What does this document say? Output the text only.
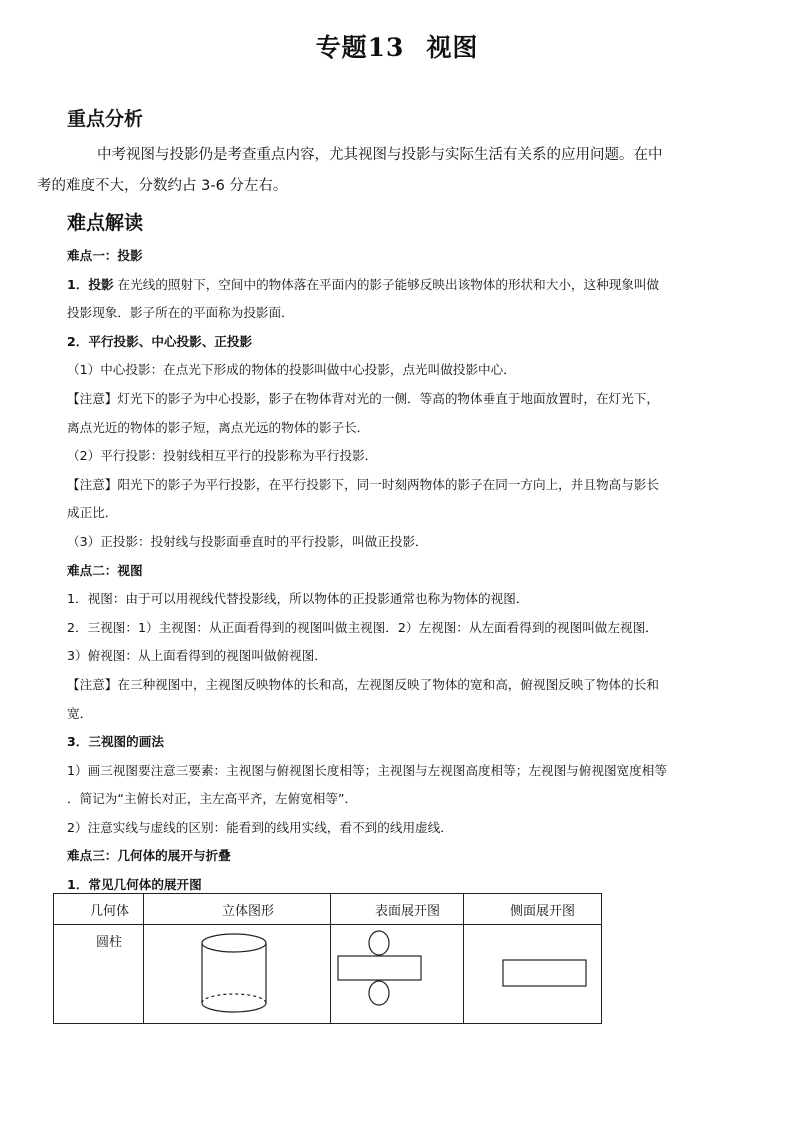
专题13 视图
重点分析
中考视图与投影仍是考查重点内容，尤其视图与投影与实际生活有关系的应用问题。在中
考的难度不大，分数约占 3-6 分左右。
难点解读
难点一：投影
1．投影 在光线的照射下，空间中的物体落在平面内的影子能够反映出该物体的形状和大小，这种现象叫做
投影现象．影子所在的平面称为投影面．
2．平行投影、中心投影、正投影
（1）中心投影：在点光下形成的物体的投影叫做中心投影，点光叫做投影中心．
【注意】灯光下的影子为中心投影，影子在物体背对光的一侧．等高的物体垂直于地面放置时，在灯光下，
离点光近的物体的影子短，离点光远的物体的影子长．
（2）平行投影：投射线相互平行的投影称为平行投影．
【注意】阳光下的影子为平行投影，在平行投影下，同一时刻两物体的影子在同一方向上，并且物高与影长
成正比．
（3）正投影：投射线与投影面垂直时的平行投影，叫做正投影．
难点二：视图
1．视图：由于可以用视线代替投影线，所以物体的正投影通常也称为物体的视图．
2．三视图：1）主视图：从正面看得到的视图叫做主视图．2）左视图：从左面看得到的视图叫做左视图．
3）俯视图：从上面看得到的视图叫做俯视图．
【注意】在三种视图中，主视图反映物体的长和高，左视图反映了物体的宽和高，俯视图反映了物体的长和
宽．
3．三视图的画法
1）画三视图要注意三要素：主视图与俯视图长度相等；主视图与左视图高度相等；左视图与俯视图宽度相等
．简记为“主俯长对正，主左高平齐，左俯宽相等”．
2）注意实线与虚线的区别：能看到的线用实线，看不到的线用虚线．
难点三：几何体的展开与折叠
1．常见几何体的展开图
几何体	立体图形	表面展开图	侧面展开图

圆柱
